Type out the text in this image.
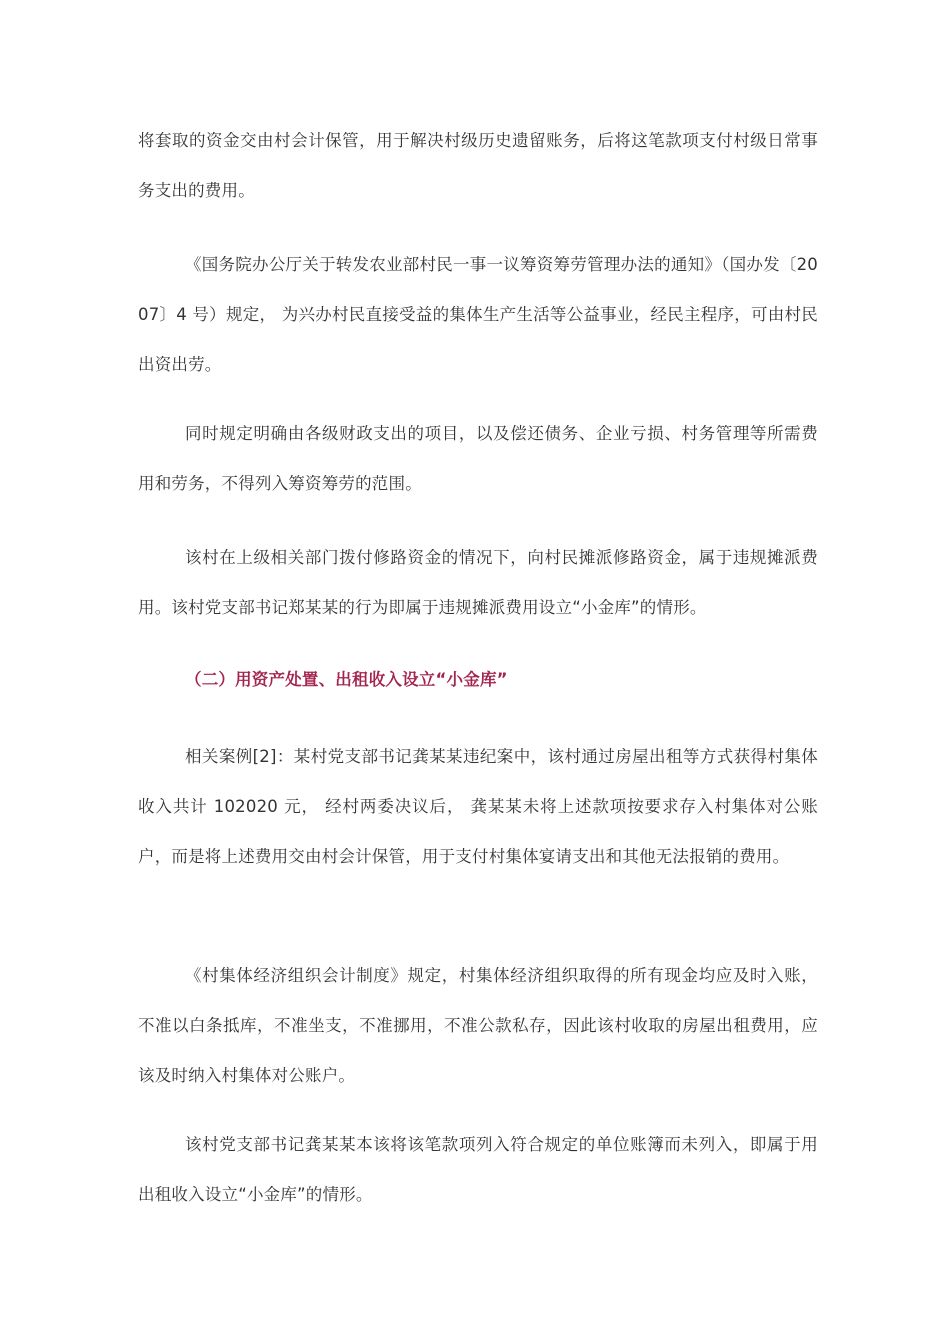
将套取的资金交由村会计保管，用于解决村级历史遗留账务，后将这笔款项支付村级日常事务支出的费用。

《国务院办公厅关于转发农业部村民一事一议筹资筹劳管理办法的通知》（国办发〔2007〕4 号）规定， 为兴办村民直接受益的集体生产生活等公益事业，经民主程序，可由村民出资出劳。

同时规定明确由各级财政支出的项目，以及偿还债务、企业亏损、村务管理等所需费用和劳务，不得列入筹资筹劳的范围。

该村在上级相关部门拨付修路资金的情况下，向村民摊派修路资金，属于违规摊派费用。该村党支部书记郑某某的行为即属于违规摊派费用设立“小金库”的情形。

（二）用资产处置、出租收入设立“小金库”

相关案例[2]：某村党支部书记龚某某违纪案中，该村通过房屋出租等方式获得村集体收入共计 102020 元， 经村两委决议后， 龚某某未将上述款项按要求存入村集体对公账户，而是将上述费用交由村会计保管，用于支付村集体宴请支出和其他无法报销的费用。

《村集体经济组织会计制度》规定，村集体经济组织取得的所有现金均应及时入账，不准以白条抵库，不准坐支，不准挪用，不准公款私存，因此该村收取的房屋出租费用，应该及时纳入村集体对公账户。

该村党支部书记龚某某本该将该笔款项列入符合规定的单位账簿而未列入，即属于用出租收入设立“小金库”的情形。
